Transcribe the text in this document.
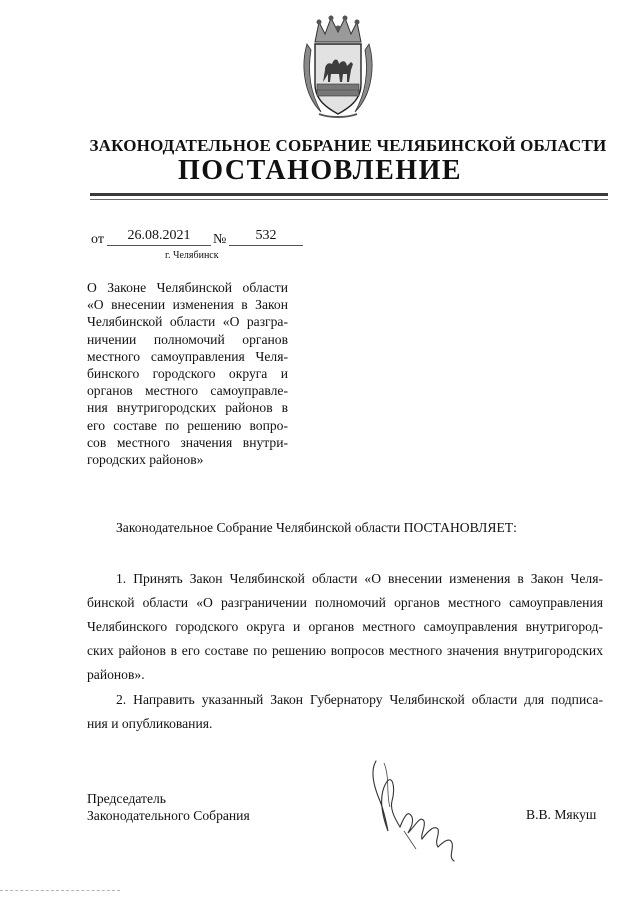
ЗАКОНОДАТЕЛЬНОЕ СОБРАНИЕ ЧЕЛЯБИНСКОЙ ОБЛАСТИ
ПОСТАНОВЛЕНИЕ
от	26.08.2021	№	532
г. Челябинск
О Законе Челябинской области
«О внесении изменения в Закон
Челябинской области «О разгра-
ничении полномочий органов
местного самоуправления Челя-
бинского городского округа и
органов местного самоуправле-
ния внутригородских районов в
его составе по решению вопро-
сов местного значения внутри-
городских районов»
Законодательное Собрание Челябинской области ПОСТАНОВЛЯЕТ:
1. Принять Закон Челябинской области «О внесении изменения в Закон Челя-
бинской области «О разграничении полномочий органов местного самоуправления
Челябинского городского округа и органов местного самоуправления внутригород-
ских районов в его составе по решению вопросов местного значения внутригородских
районов».
2. Направить указанный Закон Губернатору Челябинской области для подписа-
ния и опубликования.
Председатель
Законодательного Собрания	В.В. Мякуш
